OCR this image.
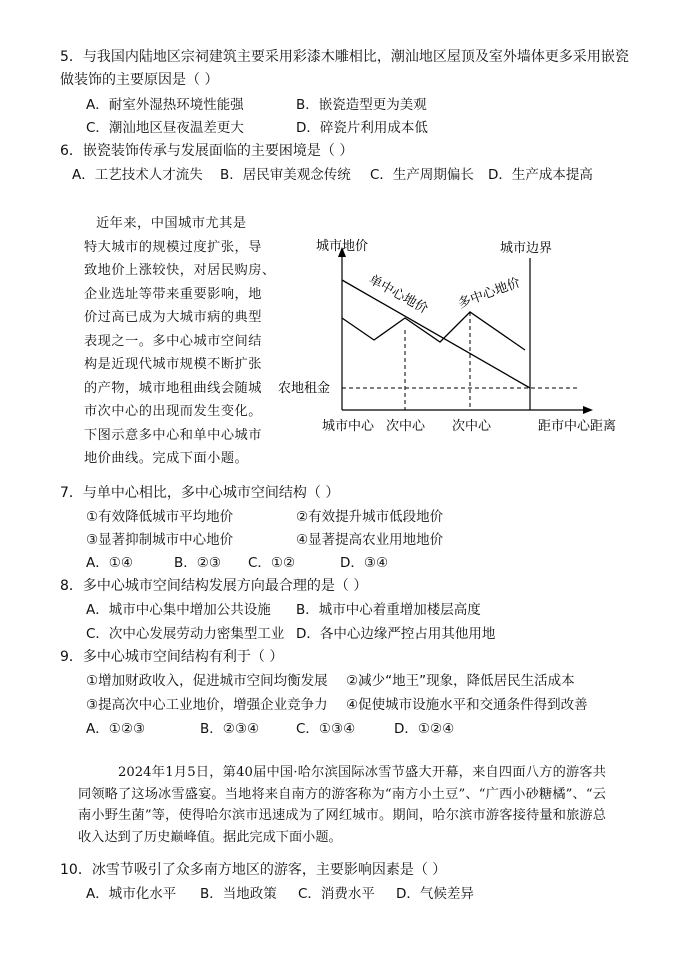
5．与我国内陆地区宗祠建筑主要采用彩漆木雕相比，潮汕地区屋顶及室外墙体更多采用嵌瓷
做装饰的主要原因是（ ）
A．耐室外湿热环境性能强	B．嵌瓷造型更为美观
C．潮汕地区昼夜温差更大	D．碎瓷片利用成本低
6．嵌瓷装饰传承与发展面临的主要困境是（ ）
A．工艺技术人才流失 B．居民审美观念传统 C．生产周期偏长 D．生产成本提高
近年来，中国城市尤其是
特大城市的规模过度扩张，导
致地价上涨较快，对居民购房、
企业选址等带来重要影响，地
价过高已成为大城市病的典型
表现之一。多中心城市空间结
构是近现代城市规模不断扩张
的产物，城市地租曲线会随城
市次中心的出现而发生变化。
下图示意多中心和单中心城市
地价曲线。完成下面小题。
城市地价	城市边界
单中心地价 多中心地价
农地租金
城市中心 次中心 次中心	距市中心距离
7．与单中心相比，多中心城市空间结构（ ）
①有效降低城市平均地价	②有效提升城市低段地价
③显著抑制城市中心地价	④显著提高农业用地地价
A．①④	B．②③ C．①②	D．③④
8．多中心城市空间结构发展方向最合理的是（ ）
A．城市中心集中增加公共设施 B．城市中心着重增加楼层高度
C．次中心发展劳动力密集型工业 D．各中心边缘严控占用其他用地
9．多中心城市空间结构有利于（ ）
①增加财政收入，促进城市空间均衡发展 ②减少“地王”现象，降低居民生活成本
③提高次中心工业地价，增强企业竞争力 ④促使城市设施水平和交通条件得到改善
A．①②③	B．②③④	C．①③④	D．①②④
2024年1月5日，第40届中国·哈尔滨国际冰雪节盛大开幕，来自四面八方的游客共同领略了这场冰雪盛宴。当地将来自南方的游客称为“南方小土豆”、“广西小砂糖橘”、“云南小野生菌”等，使得哈尔滨市迅速成为了网红城市。期间，哈尔滨市游客接待量和旅游总收入达到了历史巅峰值。据此完成下面小题。
10．冰雪节吸引了众多南方地区的游客，主要影响因素是（ ）
A．城市化水平 B．当地政策 C．消费水平 D．气候差异
